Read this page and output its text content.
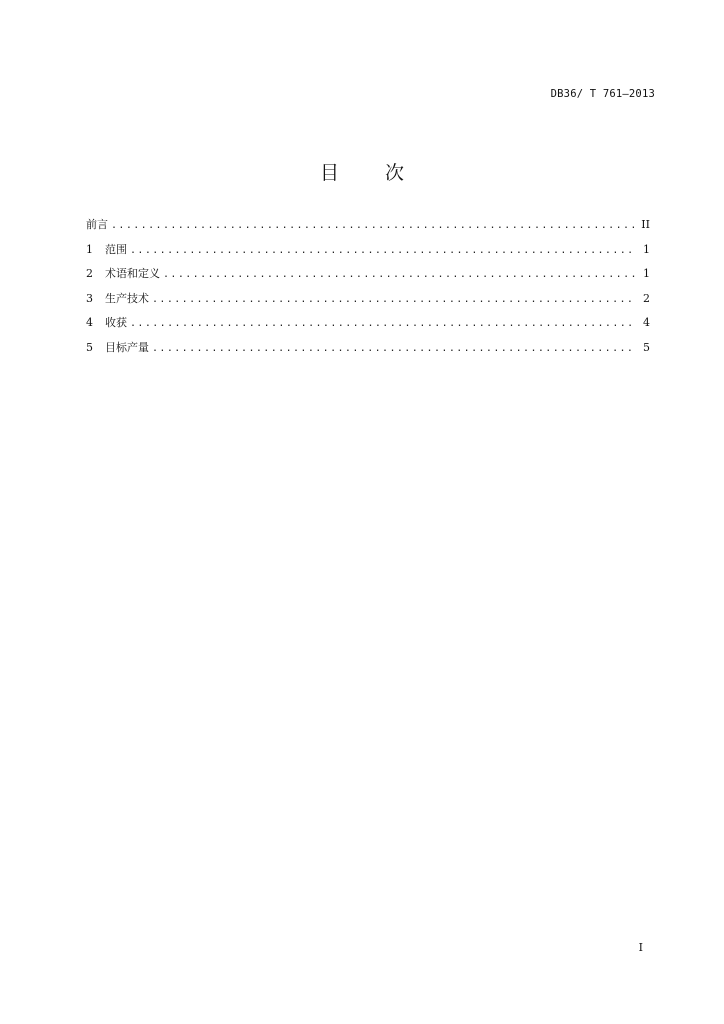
DB36/ T 761—2013
目 次
前言 .....	II
1	范围 .....	1
2	术语和定义 .....	1
3	生产技术 .....	2
4	收获 .....	4
5	目标产量 .....	5
I
